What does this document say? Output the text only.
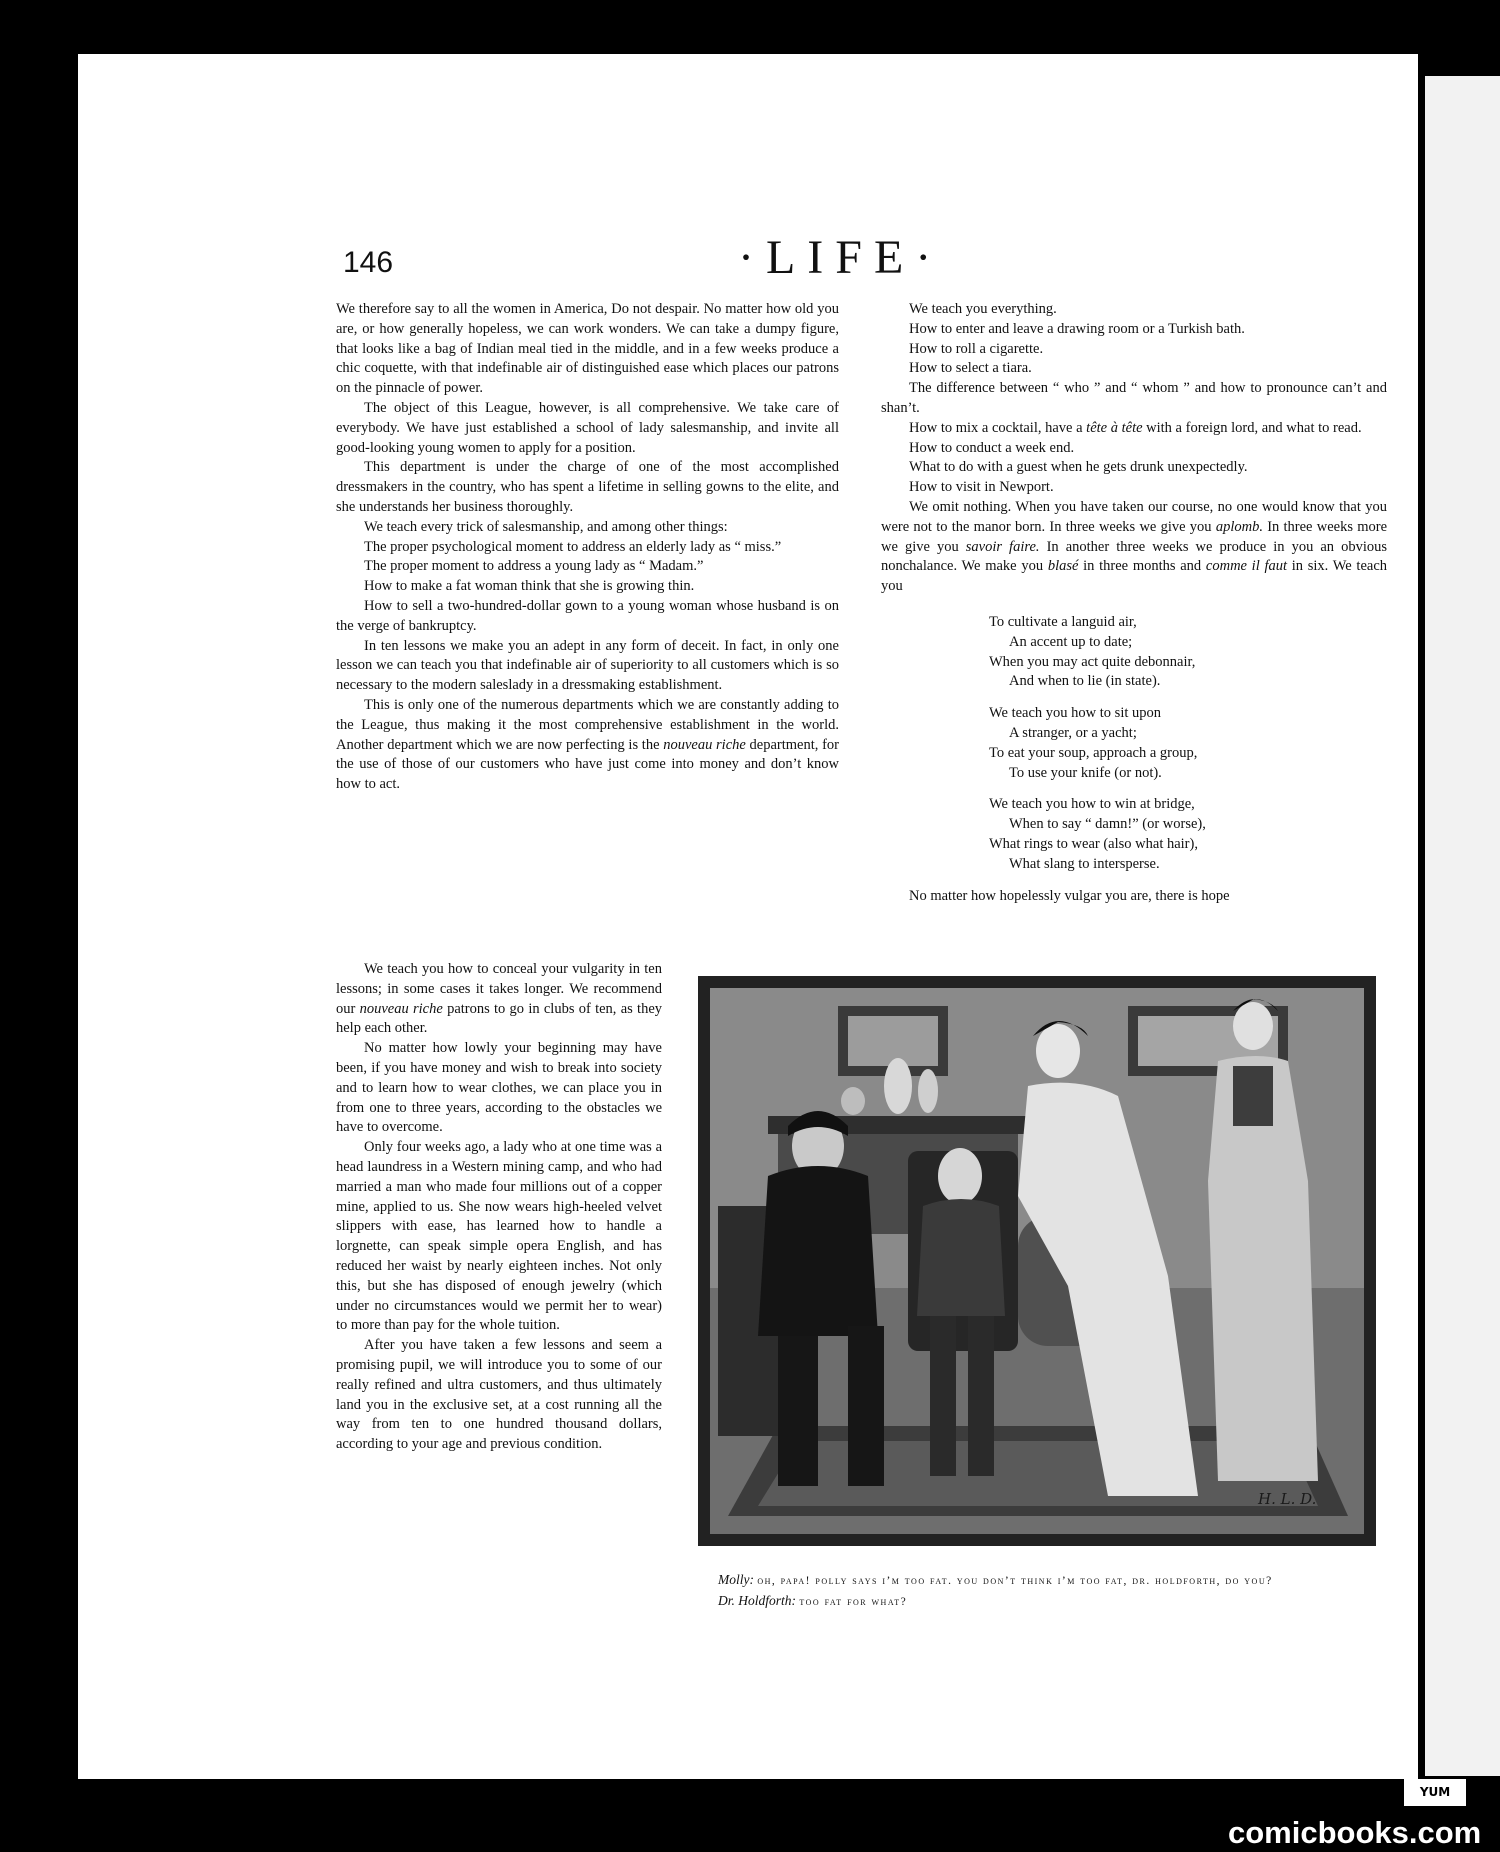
146	·LIFE·

We therefore say to all the women in America, Do not despair. No matter how old you are, or how generally hopeless, we can work wonders. We can take a dumpy figure, that looks like a bag of Indian meal tied in the middle, and in a few weeks produce a chic coquette, with that indefinable air of distinguished ease which places our patrons on the pinnacle of power.

The object of this League, however, is all comprehensive. We take care of everybody. We have just established a school of lady salesmanship, and invite all good-looking young women to apply for a position.

This department is under the charge of one of the most accomplished dressmakers in the country, who has spent a lifetime in selling gowns to the elite, and she understands her business thoroughly.

We teach every trick of salesmanship, and among other things:

The proper psychological moment to address an elderly lady as “ miss.”

The proper moment to address a young lady as “ Madam.”

How to make a fat woman think that she is growing thin.

How to sell a two-hundred-dollar gown to a young woman whose husband is on the verge of bankruptcy.

In ten lessons we make you an adept in any form of deceit. In fact, in only one lesson we can teach you that indefinable air of superiority to all customers which is so necessary to the modern saleslady in a dressmaking establishment.

This is only one of the numerous departments which we are constantly adding to the League, thus making it the most comprehensive establishment in the world. Another department which we are now perfecting is the nouveau riche department, for the use of those of our customers who have just come into money and don’t know how to act.

We teach you how to conceal your vulgarity in ten lessons; in some cases it takes longer. We recommend our nouveau riche patrons to go in clubs of ten, as they help each other.

No matter how lowly your beginning may have been, if you have money and wish to break into society and to learn how to wear clothes, we can place you in from one to three years, according to the obstacles we have to overcome.

Only four weeks ago, a lady who at one time was a head laundress in a Western mining camp, and who had married a man who made four millions out of a copper mine, applied to us. She now wears high-heeled velvet slippers with ease, has learned how to handle a lorgnette, can speak simple opera English, and has reduced her waist by nearly eighteen inches. Not only this, but she has disposed of enough jewelry (which under no circumstances would we permit her to wear) to more than pay for the whole tuition.

After you have taken a few lessons and seem a promising pupil, we will introduce you to some of our really refined and ultra customers, and thus ultimately land you in the exclusive set, at a cost running all the way from ten to one hundred thousand dollars, according to your age and previous condition.

We teach you everything.

How to enter and leave a drawing room or a Turkish bath.

How to roll a cigarette.

How to select a tiara.

The difference between “ who ” and “ whom ” and how to pronounce can’t and shan’t.

How to mix a cocktail, have a tête à tête with a foreign lord, and what to read.

How to conduct a week end.

What to do with a guest when he gets drunk unexpectedly.

How to visit in Newport.

We omit nothing. When you have taken our course, no one would know that you were not to the manor born. In three weeks we give you aplomb. In three weeks more we give you savoir faire. In another three weeks we produce in you an obvious nonchalance. We make you blasé in three months and comme il faut in six. We teach you

To cultivate a languid air,
An accent up to date;
When you may act quite debonnair,
And when to lie (in state).
We teach you how to sit upon
A stranger, or a yacht;
To eat your soup, approach a group,
To use your knife (or not).
We teach you how to win at bridge,
When to say “ damn!” (or worse),
What rings to wear (also what hair),
What slang to intersperse.

No matter how hopelessly vulgar you are, there is hope

H. L. D.

Molly: oh, papa! polly says i’m too fat. you don’t think i’m too fat, dr. holdforth, do you?

Dr. Holdforth: too fat for what?

YUM
comicbooks.com
